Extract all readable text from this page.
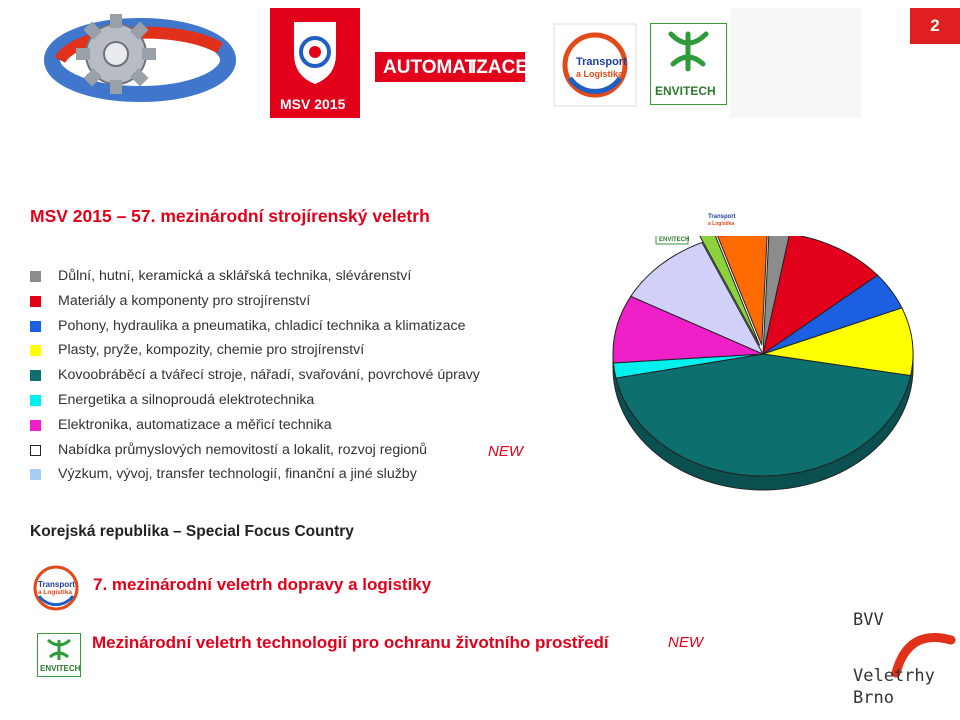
MSV 2015
AUTOMAT
IZACE	Transport
a Logistika
ENVITECH
2
MSV 2015 – 57. mezinárodní strojírenský veletrh
Důlní, hutní, keramická a sklářská technika, slévárenství
Materiály a komponenty pro strojírenství
Pohony, hydraulika a pneumatika, chladicí technika a klimatizace
Plasty, pryže, kompozity, chemie pro strojírenství
Kovoobráběcí a tvářecí stroje, nářadí, svařování, povrchové úpravy
Energetika a silnoproudá elektrotechnika
Elektronika, automatizace a měřicí technika
Nabídka průmyslových nemovitostí a lokalit, rozvoj regionů
Výzkum, vývoj, transfer technologií, finanční a jiné služby
NEW
ENVITECH
Transport
a Logistika
Korejská republika – Special Focus Country
Transport
a Logistika 7. mezinárodní veletrh dopravy a logistiky
ENVITECH
Mezinárodní veletrh technologií pro ochranu životního prostředí	NEW
BVV
Veletrhy
Brno
